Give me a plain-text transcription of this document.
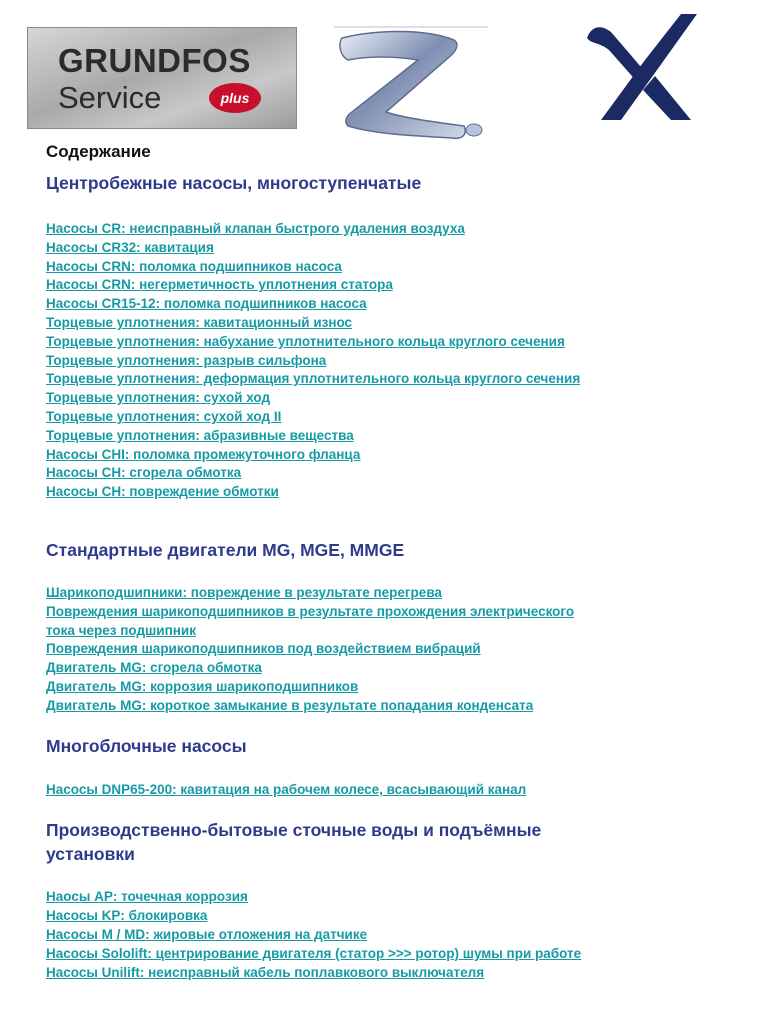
GRUNDFOS
Service	plus
Содержание
Центробежные насосы, многоступенчатые
Насосы CR: неисправный клапан быстрого удаления воздуха
Насосы CR32: кавитация
Насосы CRN: поломка подшипников насоса
Насосы CRN: негерметичность уплотнения статора
Насосы CR15-12: поломка подшипников насоса
Торцевые уплотнения: кавитационный износ
Торцевые уплотнения: набухание уплотнительного кольца круглого сечения
Торцевые уплотнения: разрыв сильфона
Торцевые уплотнения: деформация уплотнительного кольца круглого сечения
Торцевые уплотнения: сухой ход
Торцевые уплотнения: сухой ход II
Торцевые уплотнения: абразивные вещества
Насосы CHI: поломка промежуточного фланца
Насосы CH: сгорела обмотка
Насосы CH: повреждение обмотки
Стандартные двигатели MG, MGE, MMGE
Шарикоподшипники: повреждение в результате перегрева
Повреждения шарикоподшипников в результате прохождения электрического
тока через подшипник
Повреждения шарикоподшипников под воздействием вибраций
Двигатель MG: сгорела обмотка
Двигатель MG: коррозия шарикоподшипников
Двигатель MG: короткое замыкание в результате попадания конденсата
Многоблочные насосы
Насосы DNP65-200: кавитация на рабочем колесе, всасывающий канал
Производственно-бытовые сточные воды и подъёмные
установки
Наосы AP: точечная коррозия
Насосы KP: блокировка
Насосы M / MD: жировые отложения на датчике
Насосы Sololift: центрирование двигателя (статор >>> ротор) шумы при работе
Насосы Unilift: неисправный кабель поплавкового выключателя
